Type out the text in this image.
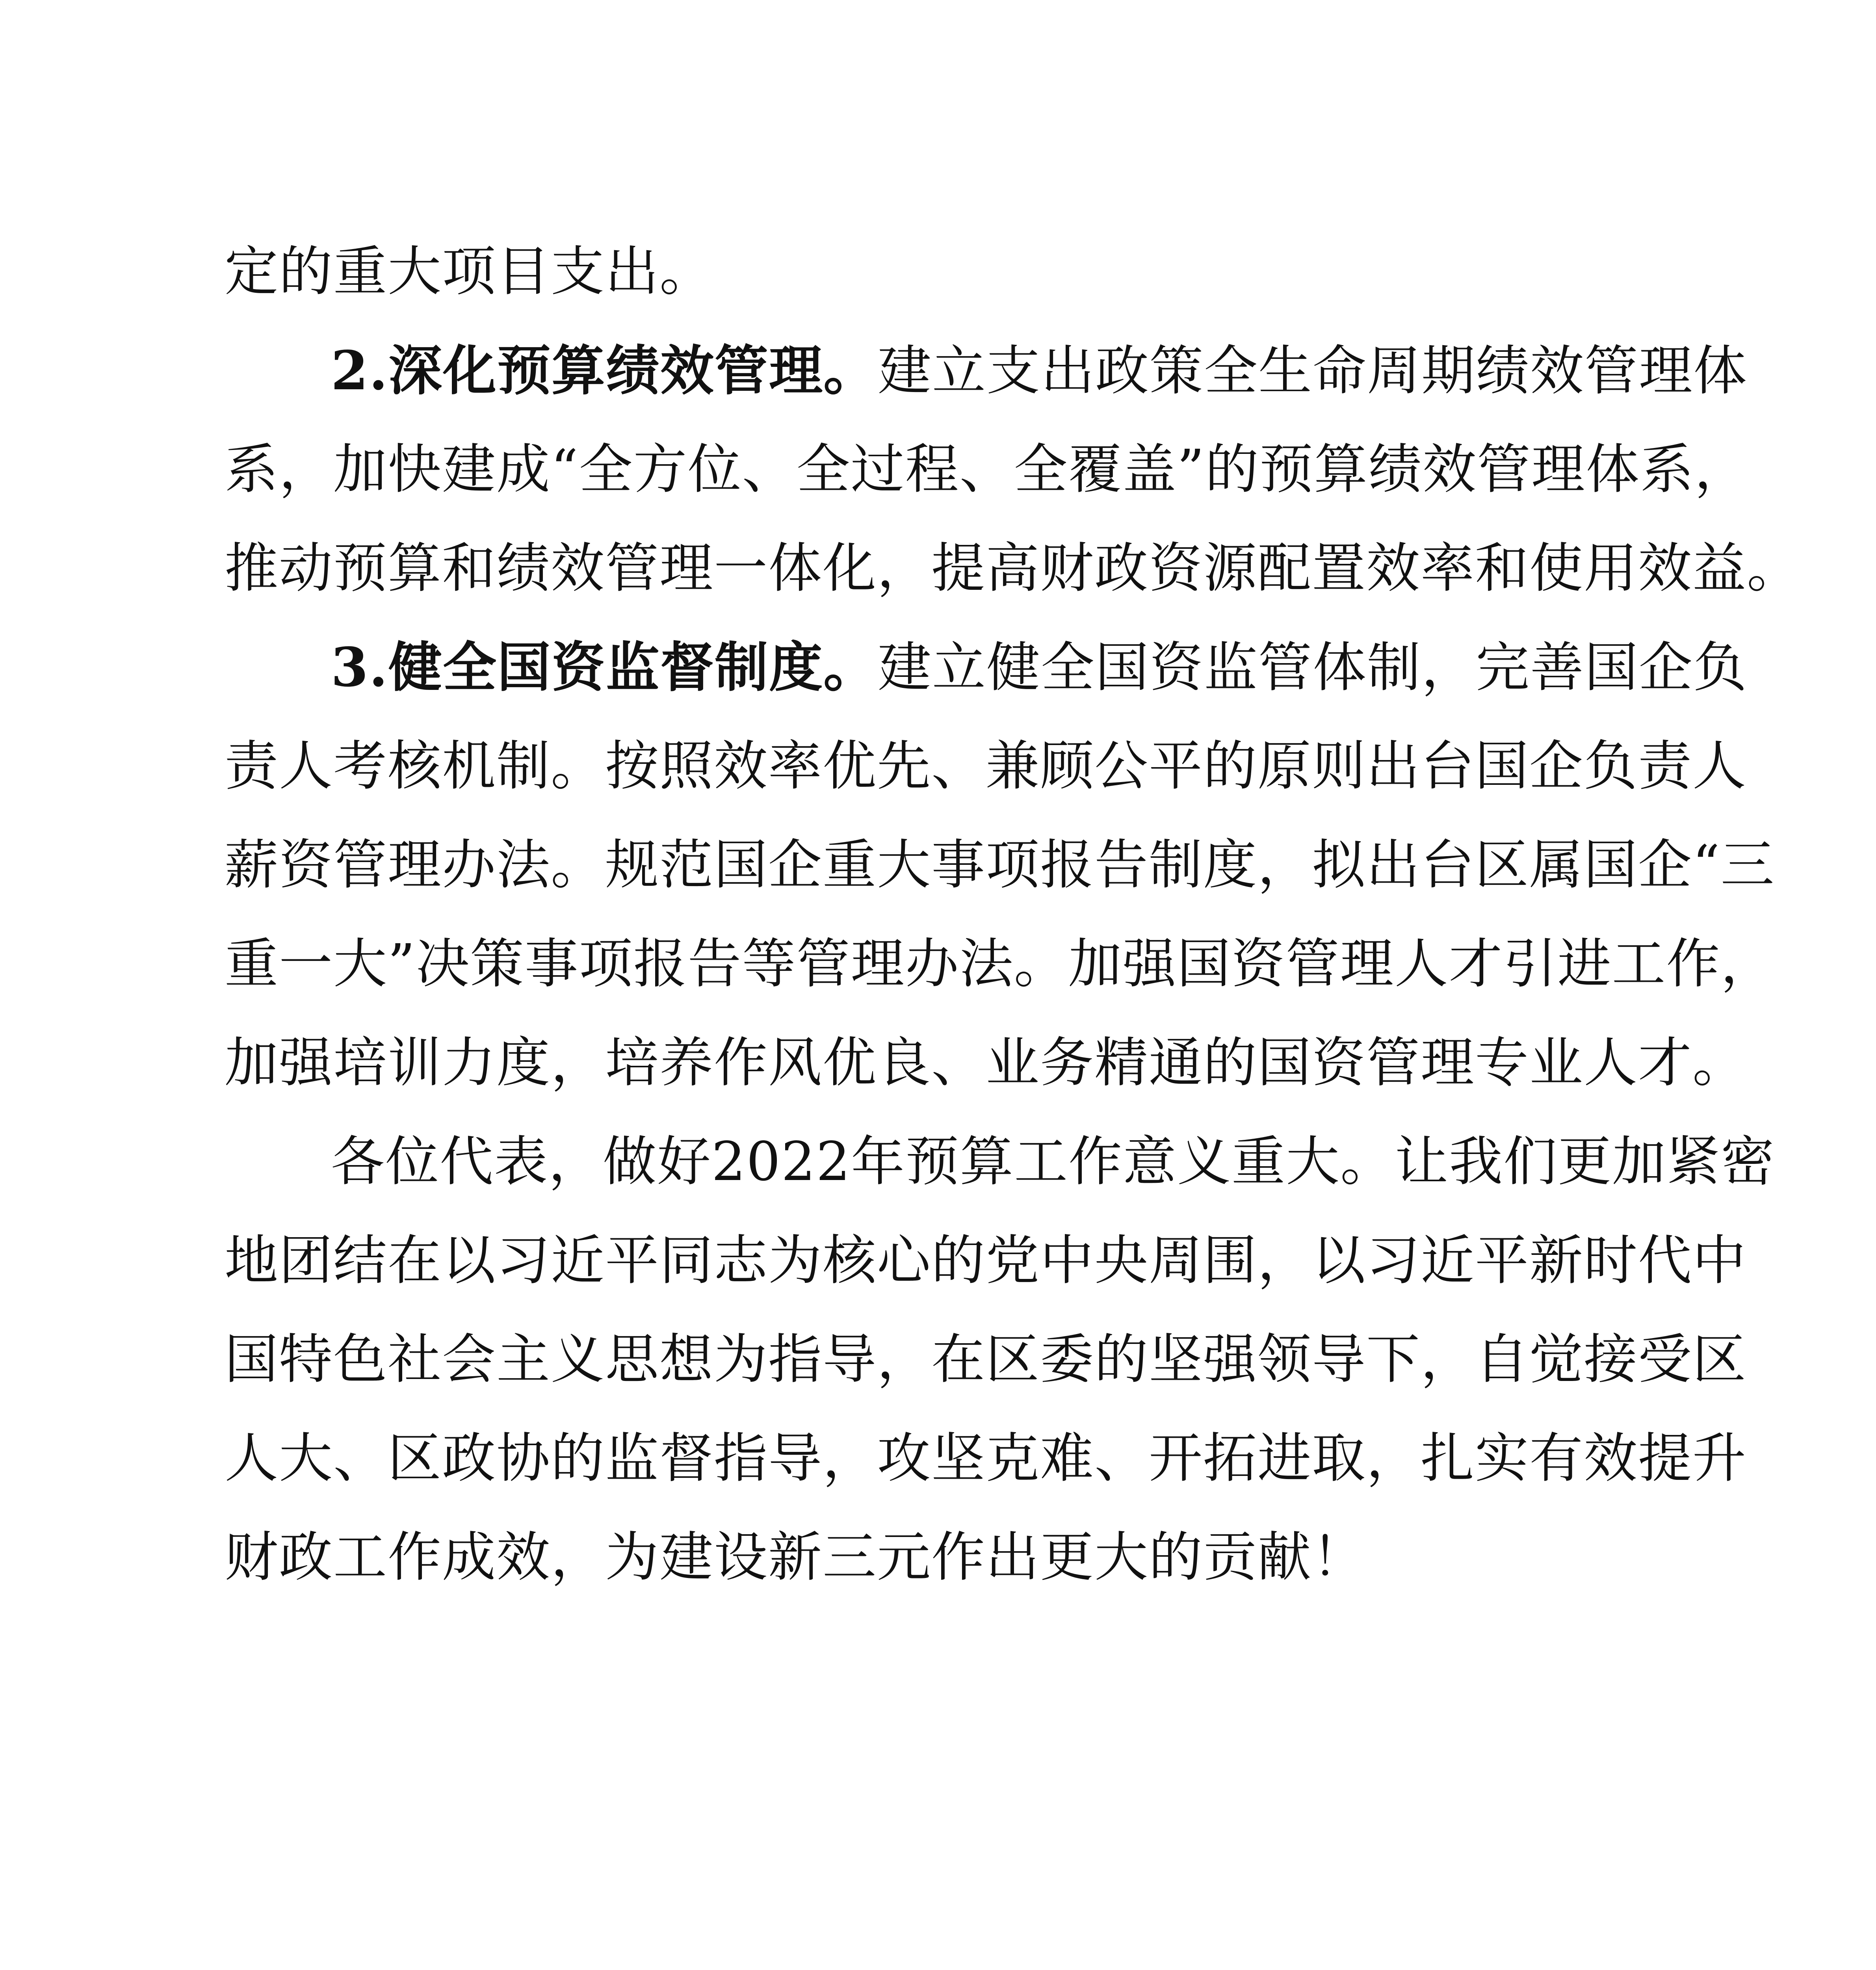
定的重大项目支出。
2.深化预算绩效管理。建立支出政策全生命周期绩效管理体
系，加快建成“全方位、全过程、全覆盖”的预算绩效管理体系，
推动预算和绩效管理一体化，提高财政资源配置效率和使用效益。
3.健全国资监督制度。建立健全国资监管体制，完善国企负
责人考核机制。按照效率优先、兼顾公平的原则出台国企负责人
薪资管理办法。规范国企重大事项报告制度，拟出台区属国企“三
重一大”决策事项报告等管理办法。加强国资管理人才引进工作，
加强培训力度，培养作风优良、业务精通的国资管理专业人才。
各位代表，做好2022年预算工作意义重大。让我们更加紧密
地团结在以习近平同志为核心的党中央周围，以习近平新时代中
国特色社会主义思想为指导，在区委的坚强领导下，自觉接受区
人大、区政协的监督指导，攻坚克难、开拓进取，扎实有效提升
财政工作成效，为建设新三元作出更大的贡献！
